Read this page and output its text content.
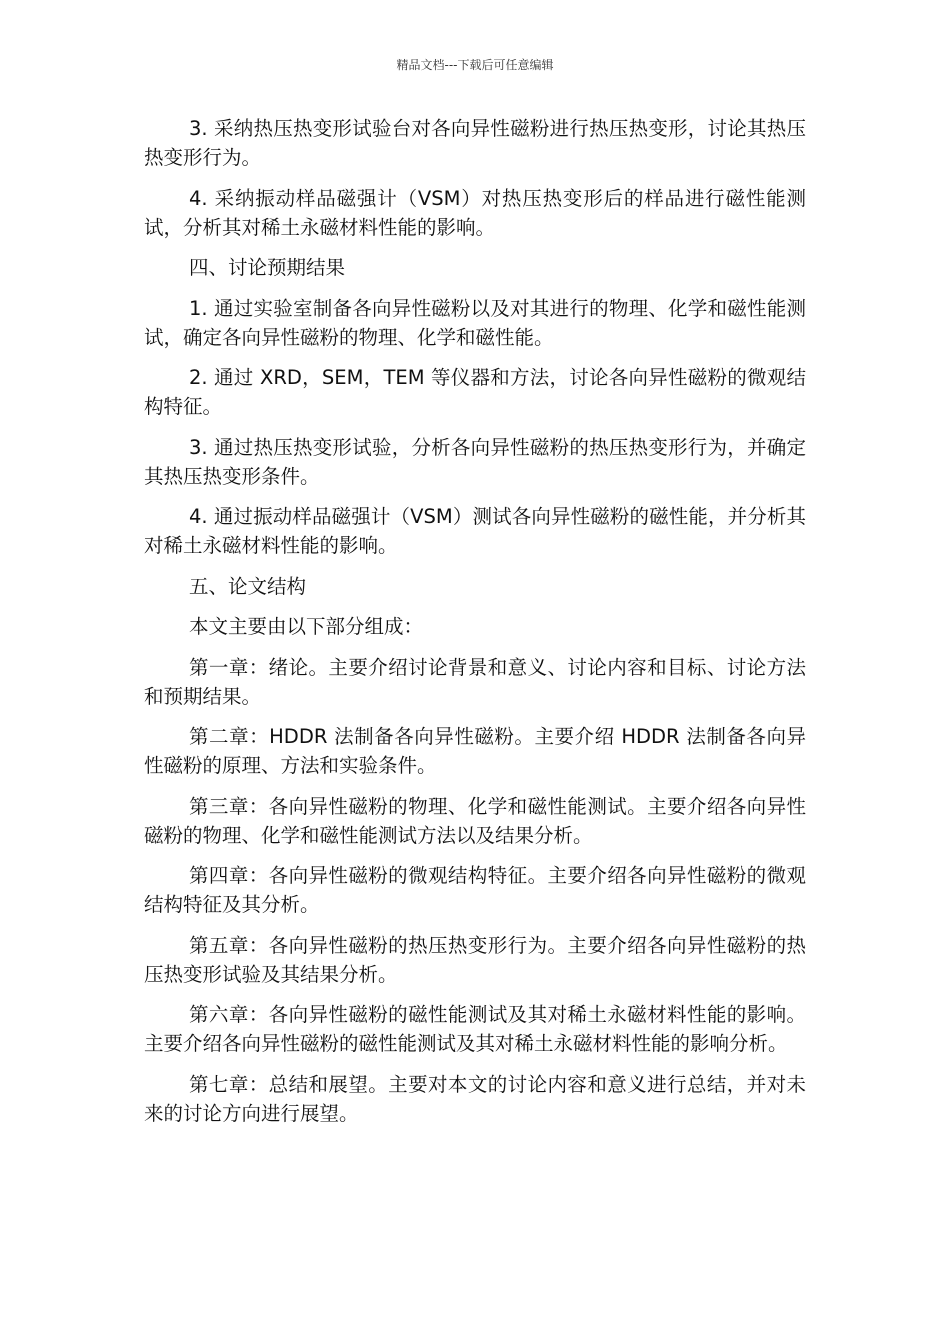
精品文档---下载后可任意编辑

3. 采纳热压热变形试验台对各向异性磁粉进行热压热变形，讨论其热压热变形行为。

4. 采纳振动样品磁强计（VSM）对热压热变形后的样品进行磁性能测试，分析其对稀土永磁材料性能的影响。

四、讨论预期结果

1. 通过实验室制备各向异性磁粉以及对其进行的物理、化学和磁性能测试，确定各向异性磁粉的物理、化学和磁性能。

2. 通过 XRD，SEM，TEM 等仪器和方法，讨论各向异性磁粉的微观结构特征。

3. 通过热压热变形试验，分析各向异性磁粉的热压热变形行为，并确定其热压热变形条件。

4. 通过振动样品磁强计（VSM）测试各向异性磁粉的磁性能，并分析其对稀土永磁材料性能的影响。

五、论文结构

本文主要由以下部分组成：

第一章：绪论。主要介绍讨论背景和意义、讨论内容和目标、讨论方法和预期结果。

第二章：HDDR 法制备各向异性磁粉。主要介绍 HDDR 法制备各向异性磁粉的原理、方法和实验条件。

第三章：各向异性磁粉的物理、化学和磁性能测试。主要介绍各向异性磁粉的物理、化学和磁性能测试方法以及结果分析。

第四章：各向异性磁粉的微观结构特征。主要介绍各向异性磁粉的微观结构特征及其分析。

第五章：各向异性磁粉的热压热变形行为。主要介绍各向异性磁粉的热压热变形试验及其结果分析。

第六章：各向异性磁粉的磁性能测试及其对稀土永磁材料性能的影响。主要介绍各向异性磁粉的磁性能测试及其对稀土永磁材料性能的影响分析。

第七章：总结和展望。主要对本文的讨论内容和意义进行总结，并对未来的讨论方向进行展望。
